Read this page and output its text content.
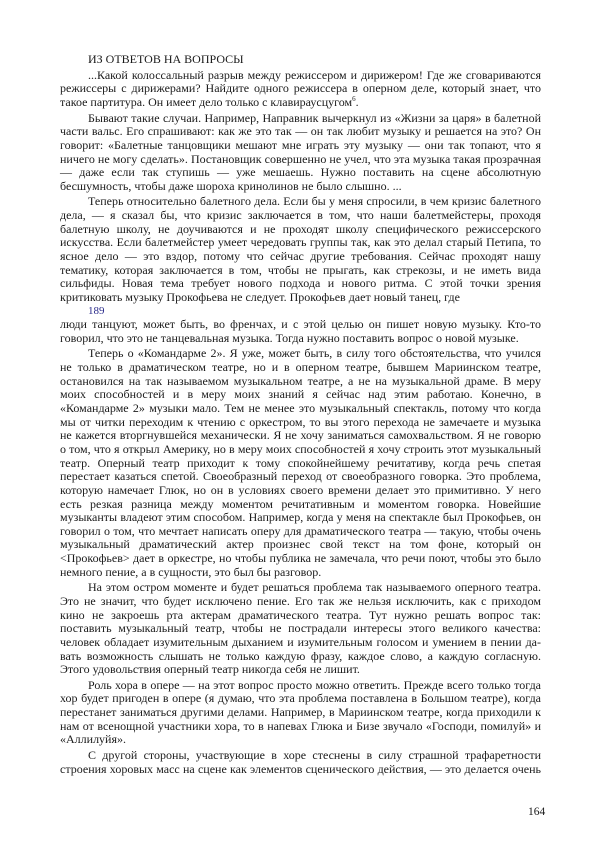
ИЗ ОТВЕТОВ НА ВОПРОСЫ
...Какой колоссальный разрыв между режиссером и дирижером! Где же сговариваются
режиссеры с дирижерами? Найдите одного режиссера в оперном деле, который знает, что
такое партитура. Он имеет дело только с клавираусцугом$^6$.
Бывают такие случаи. Например, Направник вычеркнул из «Жизни за царя» в балетной
части вальс. Его спрашивают: как же это так — он так любит музыку и решается на это? Он
говорит: «Балетные танцовщики мешают мне играть эту музыку — они так топают, что я
ничего не могу сделать». Постановщик совершенно не учел, что эта музыка такая прозрачная
— даже если так ступишь — уже мешаешь. Нужно поставить на сцене абсолютную
бесшумность, чтобы даже шороха кринолинов не было слышно. ...
Теперь относительно балетного дела. Если бы у меня спросили, в чем кризис балетного
дела, — я сказал бы, что кризис заключается в том, что наши балетмейстеры, проходя
балетную школу, не доучиваются и не проходят школу специфического режиссерского
искусства. Если балетмейстер умеет чередовать группы так, как это делал старый Петипа, то
ясное дело — это вздор, потому что сейчас другие требования. Сейчас проходят нашу
тематику, которая заключается в том, чтобы не прыгать, как стрекозы, и не иметь вида
сильфиды. Новая тема требует нового подхода и нового ритма. С этой точки зрения
критиковать музыку Прокофьева не следует. Прокофьев дает новый танец, где
189
люди танцуют, может быть, во френчах, и с этой целью он пишет новую музыку. Кто-то
говорил, что это не танцевальная музыка. Тогда нужно поставить вопрос о новой музыке.
Теперь о «Командарме 2». Я уже, может быть, в силу того обстоятельства, что учился
не только в драматическом театре, но и в оперном театре, бывшем Мариинском театре,
остановился на так называемом музыкальном театре, а не на музыкальной драме. В меру
моих способностей и в меру моих знаний я сейчас над этим работаю. Конечно, в
«Командарме 2» музыки мало. Тем не менее это музыкальный спектакль, потому что когда
мы от читки переходим к чтению с оркестром, то вы этого перехода не замечаете и музыка
не кажется вторгнувшейся механически. Я не хочу заниматься самохвальством. Я не говорю
о том, что я открыл Америку, но в меру моих способностей я хочу строить этот музыкальный
театр. Оперный театр приходит к тому спокойнейшему речитативу, когда речь спетая
перестает казаться спетой. Своеобразный переход от своеобразного говорка. Это проблема,
которую намечает Глюк, но он в условиях своего времени делает это примитивно. У него
есть резкая разница между моментом речитативным и моментом говорка. Новейшие
музыканты владеют этим способом. Например, когда у меня на спектакле был Прокофьев, он
говорил о том, что мечтает написать оперу для драматического театра — такую, чтобы очень
музыкальный драматический актер произнес свой текст на том фоне, который он
<Прокофьев> дает в оркестре, но чтобы публика не замечала, что речи поют, чтобы это было
немного пение, а в сущности, это был бы разговор.
На этом остром моменте и будет решаться проблема так называемого оперного театра.
Это не значит, что будет исключено пение. Его так же нельзя исключить, как с приходом
кино не закроешь рта актерам драматического театра. Тут нужно решать вопрос так:
поставить музыкальный театр, чтобы не пострадали интересы этого великого качества:
человек обладает изумительным дыханием и изумительным голосом и умением в пении да-
вать возможность слышать не только каждую фразу, каждое слово, а каждую согласную.
Этого удовольствия оперный театр никогда себя не лишит.
Роль хора в опере — на этот вопрос просто можно ответить. Прежде всего только тогда
хор будет пригоден в опере (я думаю, что эта проблема поставлена в Большом театре), когда
перестанет заниматься другими делами. Например, в Мариинском театре, когда приходили к
нам от всенощной участники хора, то в напевах Глюка и Бизе звучало «Господи, помилуй» и
«Аллилуйя».
С другой стороны, участвующие в хоре стеснены в силу страшной трафаретности
строения хоровых масс на сцене как элементов сценического действия, — это делается очень
164
